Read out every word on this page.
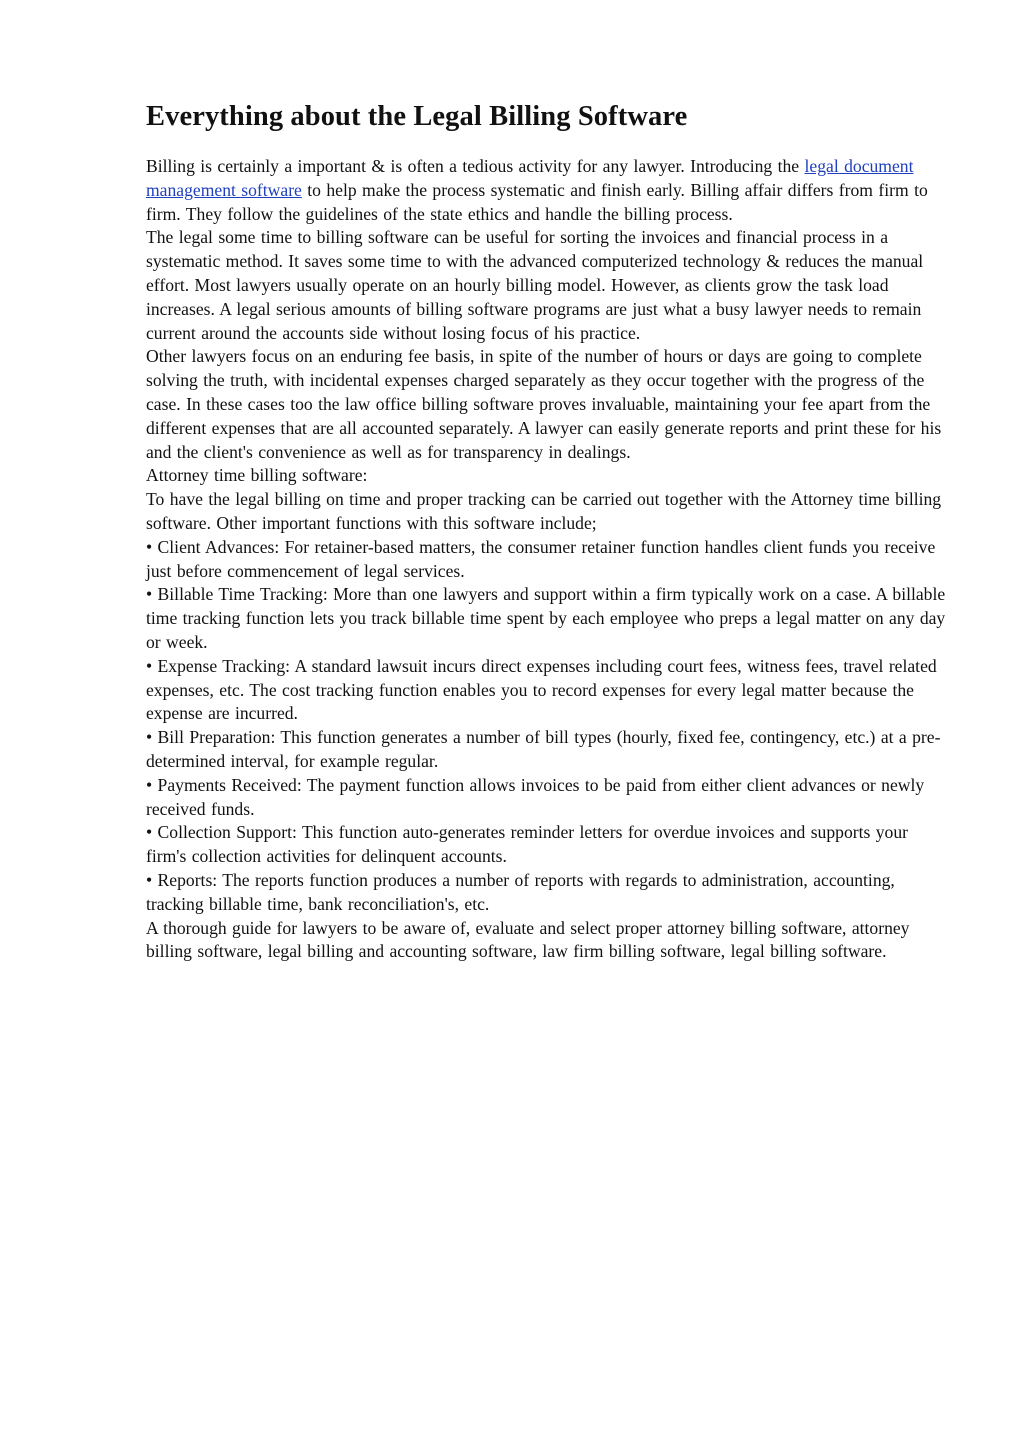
Everything about the Legal Billing Software

Billing is certainly a important & is often a tedious activity for any lawyer. Introducing the legal document management software to help make the process systematic and finish early. Billing affair differs from firm to firm. They follow the guidelines of the state ethics and handle the billing process.

The legal some time to billing software can be useful for sorting the invoices and financial process in a systematic method. It saves some time to with the advanced computerized technology & reduces the manual effort. Most lawyers usually operate on an hourly billing model. However, as clients grow the task load increases. A legal serious amounts of billing software programs are just what a busy lawyer needs to remain current around the accounts side without losing focus of his practice.

Other lawyers focus on an enduring fee basis, in spite of the number of hours or days are going to complete solving the truth, with incidental expenses charged separately as they occur together with the progress of the case. In these cases too the law office billing software proves invaluable, maintaining your fee apart from the different expenses that are all accounted separately. A lawyer can easily generate reports and print these for his and the client's convenience as well as for transparency in dealings.

Attorney time billing software:

To have the legal billing on time and proper tracking can be carried out together with the Attorney time billing software. Other important functions with this software include;

• Client Advances: For retainer-based matters, the consumer retainer function handles client funds you receive just before commencement of legal services.

• Billable Time Tracking: More than one lawyers and support within a firm typically work on a case. A billable time tracking function lets you track billable time spent by each employee who preps a legal matter on any day or week.

• Expense Tracking: A standard lawsuit incurs direct expenses including court fees, witness fees, travel related expenses, etc. The cost tracking function enables you to record expenses for every legal matter because the expense are incurred.

• Bill Preparation: This function generates a number of bill types (hourly, fixed fee, contingency, etc.) at a pre-determined interval, for example regular.

• Payments Received: The payment function allows invoices to be paid from either client advances or newly received funds.

• Collection Support: This function auto-generates reminder letters for overdue invoices and supports your firm's collection activities for delinquent accounts.

• Reports: The reports function produces a number of reports with regards to administration, accounting, tracking billable time, bank reconciliation's, etc.

A thorough guide for lawyers to be aware of, evaluate and select proper attorney billing software, attorney billing software, legal billing and accounting software, law firm billing software, legal billing software.
